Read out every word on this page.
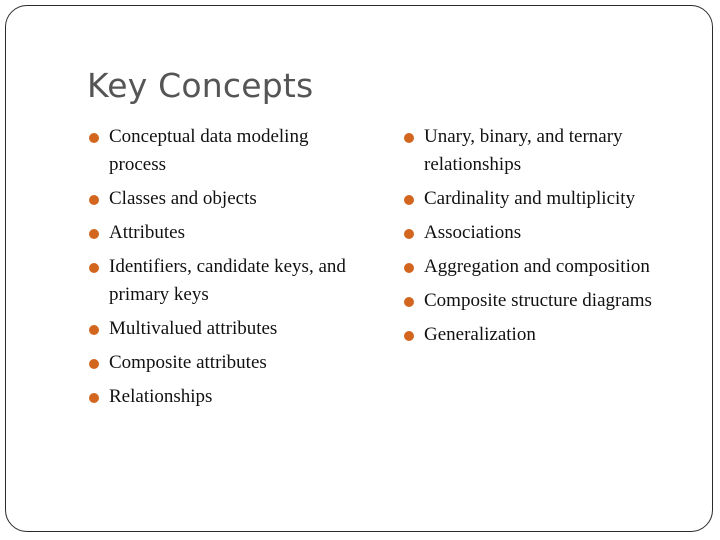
Key Concepts
Conceptual data modeling process
Classes and objects
Attributes
Identifiers, candidate keys, and primary keys
Multivalued attributes
Composite attributes
Relationships
Unary, binary, and ternary relationships
Cardinality and multiplicity
Associations
Aggregation and composition
Composite structure diagrams
Generalization
